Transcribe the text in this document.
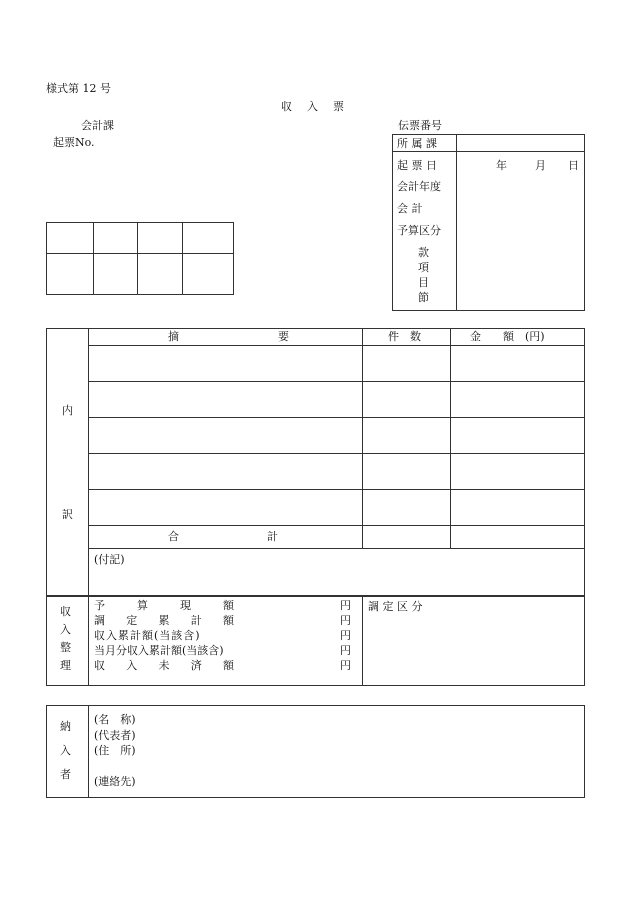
様式第 12 号
収　入　票
会計課
起票No.
伝票番号
所 属 課
起 票 日	年	月 日
会計年度
会 計
予算区分
款
項
目
節
内
訳
摘　　　　　　　　　要	件　数	金　　額　(円)
合　　　　　　　　計
(付記)
収
入
整
理
予	算	現	額	円
調 定 累 計 額	円
収入累計額(当該含)	円
当月分収入累計額(当該含)	円
収 入 未 済 額	円
調 定 区 分
納
入
者
(名　称)
(代表者)
(住　所)
(連絡先)
